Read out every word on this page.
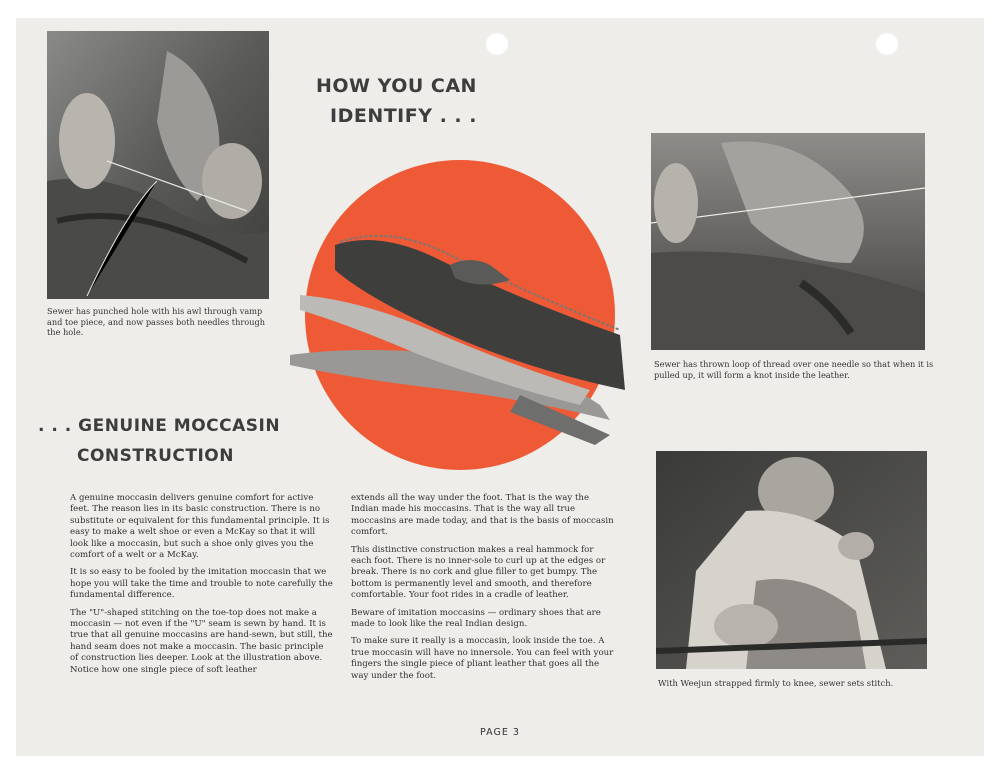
Sewer has punched hole with his awl through vamp and toe piece, and now passes both needles through the hole.
HOW YOU CAN
IDENTIFY . . .
Sewer has thrown loop of thread over one needle so that when it is pulled up, it will form a knot inside the leather.
. . . GENUINE MOCCASIN
CONSTRUCTION

A genuine moccasin delivers genuine comfort for active feet. The reason lies in its basic construction. There is no substitute or equivalent for this fundamental principle. It is easy to make a welt shoe or even a McKay so that it will look like a moccasin, but such a shoe only gives you the comfort of a welt or a McKay.

It is so easy to be fooled by the imitation moccasin that we hope you will take the time and trouble to note carefully the fundamental difference.

The "U"-shaped stitching on the toe-top does not make a moccasin — not even if the "U" seam is sewn by hand. It is true that all genuine moccasins are hand-sewn, but still, the hand seam does not make a moccasin. The basic principle of construction lies deeper. Look at the illustration above. Notice how one single piece of soft leather

extends all the way under the foot. That is the way the Indian made his moccasins. That is the way all true moccasins are made today, and that is the basis of moccasin comfort.

This distinctive construction makes a real hammock for each foot. There is no inner-sole to curl up at the edges or break. There is no cork and glue filler to get bumpy. The bottom is permanently level and smooth, and therefore comfortable. Your foot rides in a cradle of leather.

Beware of imitation moccasins — ordinary shoes that are made to look like the real Indian design.

To make sure it really is a moccasin, look inside the toe. A true moccasin will have no innersole. You can feel with your fingers the single piece of pliant leather that goes all the way under the foot.

With Weejun strapped firmly to knee, sewer sets stitch.
PAGE 3
